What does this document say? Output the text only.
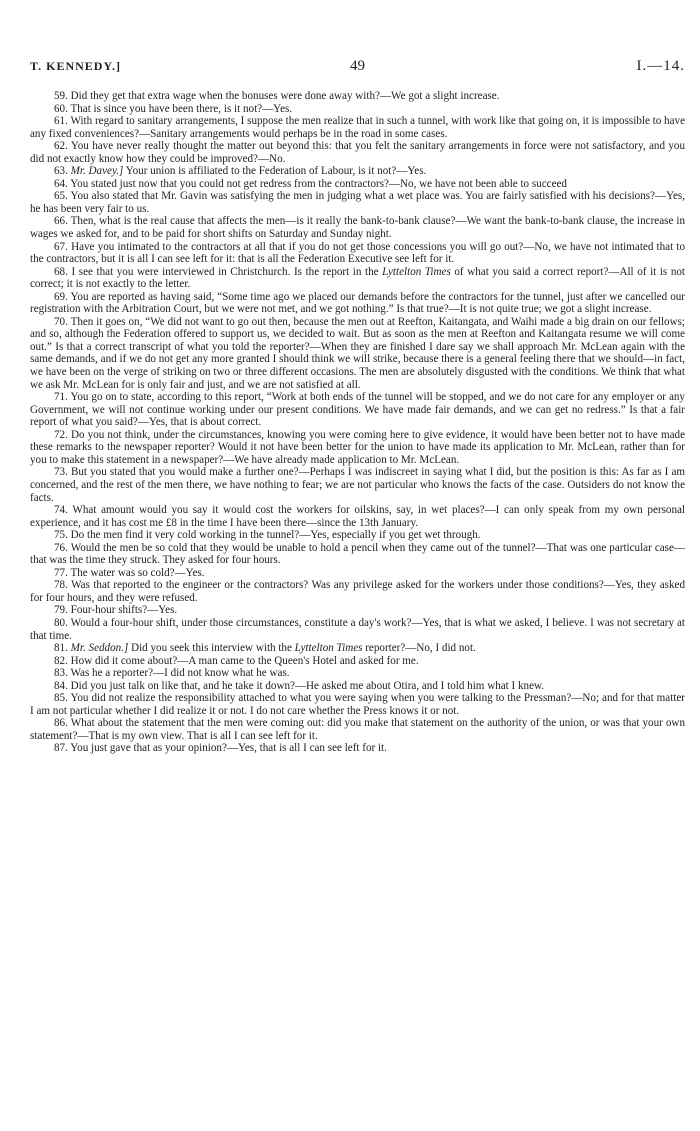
T. KENNEDY.]	49	I.—14.

59. Did they get that extra wage when the bonuses were done away with?—We got a slight increase.

60. That is since you have been there, is it not?—Yes.

61. With regard to sanitary arrangements, I suppose the men realize that in such a tunnel, with work like that going on, it is impossible to have any fixed conveniences?—Sanitary arrangements would perhaps be in the road in some cases.

62. You have never really thought the matter out beyond this: that you felt the sanitary arrangements in force were not satisfactory, and you did not exactly know how they could be improved?—No.

63. Mr. Davey.] Your union is affiliated to the Federation of Labour, is it not?—Yes.

64. You stated just now that you could not get redress from the contractors?—No, we have not been able to succeed

65. You also stated that Mr. Gavin was satisfying the men in judging what a wet place was. You are fairly satisfied with his decisions?—Yes, he has been very fair to us.

66. Then, what is the real cause that affects the men—is it really the bank-to-bank clause?—We want the bank-to-bank clause, the increase in wages we asked for, and to be paid for short shifts on Saturday and Sunday night.

67. Have you intimated to the contractors at all that if you do not get those concessions you will go out?—No, we have not intimated that to the contractors, but it is all I can see left for it: that is all the Federation Executive see left for it.

68. I see that you were interviewed in Christchurch. Is the report in the Lyttelton Times of what you said a correct report?—All of it is not correct; it is not exactly to the letter.

69. You are reported as having said, “Some time ago we placed our demands before the contractors for the tunnel, just after we cancelled our registration with the Arbitration Court, but we were not met, and we got nothing.” Is that true?—It is not quite true; we got a slight increase.

70. Then it goes on, “We did not want to go out then, because the men out at Reefton, Kaitangata, and Waihi made a big drain on our fellows; and so, although the Federation offered to support us, we decided to wait. But as soon as the men at Reefton and Kaitangata resume we will come out.” Is that a correct transcript of what you told the reporter?—When they are finished I dare say we shall approach Mr. McLean again with the same demands, and if we do not get any more granted I should think we will strike, because there is a general feeling there that we should—in fact, we have been on the verge of striking on two or three different occasions. The men are absolutely disgusted with the conditions. We think that what we ask Mr. McLean for is only fair and just, and we are not satisfied at all.

71. You go on to state, according to this report, “Work at both ends of the tunnel will be stopped, and we do not care for any employer or any Government, we will not continue working under our present conditions. We have made fair demands, and we can get no redress.” Is that a fair report of what you said?—Yes, that is about correct.

72. Do you not think, under the circumstances, knowing you were coming here to give evidence, it would have been better not to have made these remarks to the newspaper reporter? Would it not have been better for the union to have made its application to Mr. McLean, rather than for you to make this statement in a newspaper?—We have already made application to Mr. McLean.

73. But you stated that you would make a further one?—Perhaps I was indiscreet in saying what I did, but the position is this: As far as I am concerned, and the rest of the men there, we have nothing to fear; we are not particular who knows the facts of the case. Outsiders do not know the facts.

74. What amount would you say it would cost the workers for oilskins, say, in wet places?—I can only speak from my own personal experience, and it has cost me £8 in the time I have been there—since the 13th January.

75. Do the men find it very cold working in the tunnel?—Yes, especially if you get wet through.

76. Would the men be so cold that they would be unable to hold a pencil when they came out of the tunnel?—That was one particular case—that was the time they struck. They asked for four hours.

77. The water was so cold?—Yes.

78. Was that reported to the engineer or the contractors? Was any privilege asked for the workers under those conditions?—Yes, they asked for four hours, and they were refused.

79. Four-hour shifts?—Yes.

80. Would a four-hour shift, under those circumstances, constitute a day's work?—Yes, that is what we asked, I believe. I was not secretary at that time.

81. Mr. Seddon.] Did you seek this interview with the Lyttelton Times reporter?—No, I did not.

82. How did it come about?—A man came to the Queen's Hotel and asked for me.

83. Was he a reporter?—I did not know what he was.

84. Did you just talk on like that, and he take it down?—He asked me about Otira, and I told him what I knew.

85. You did not realize the responsibility attached to what you were saying when you were talking to the Pressman?—No; and for that matter I am not particular whether I did realize it or not. I do not care whether the Press knows it or not.

86. What about the statement that the men were coming out: did you make that statement on the authority of the union, or was that your own statement?—That is my own view. That is all I can see left for it.

87. You just gave that as your opinion?—Yes, that is all I can see left for it.
